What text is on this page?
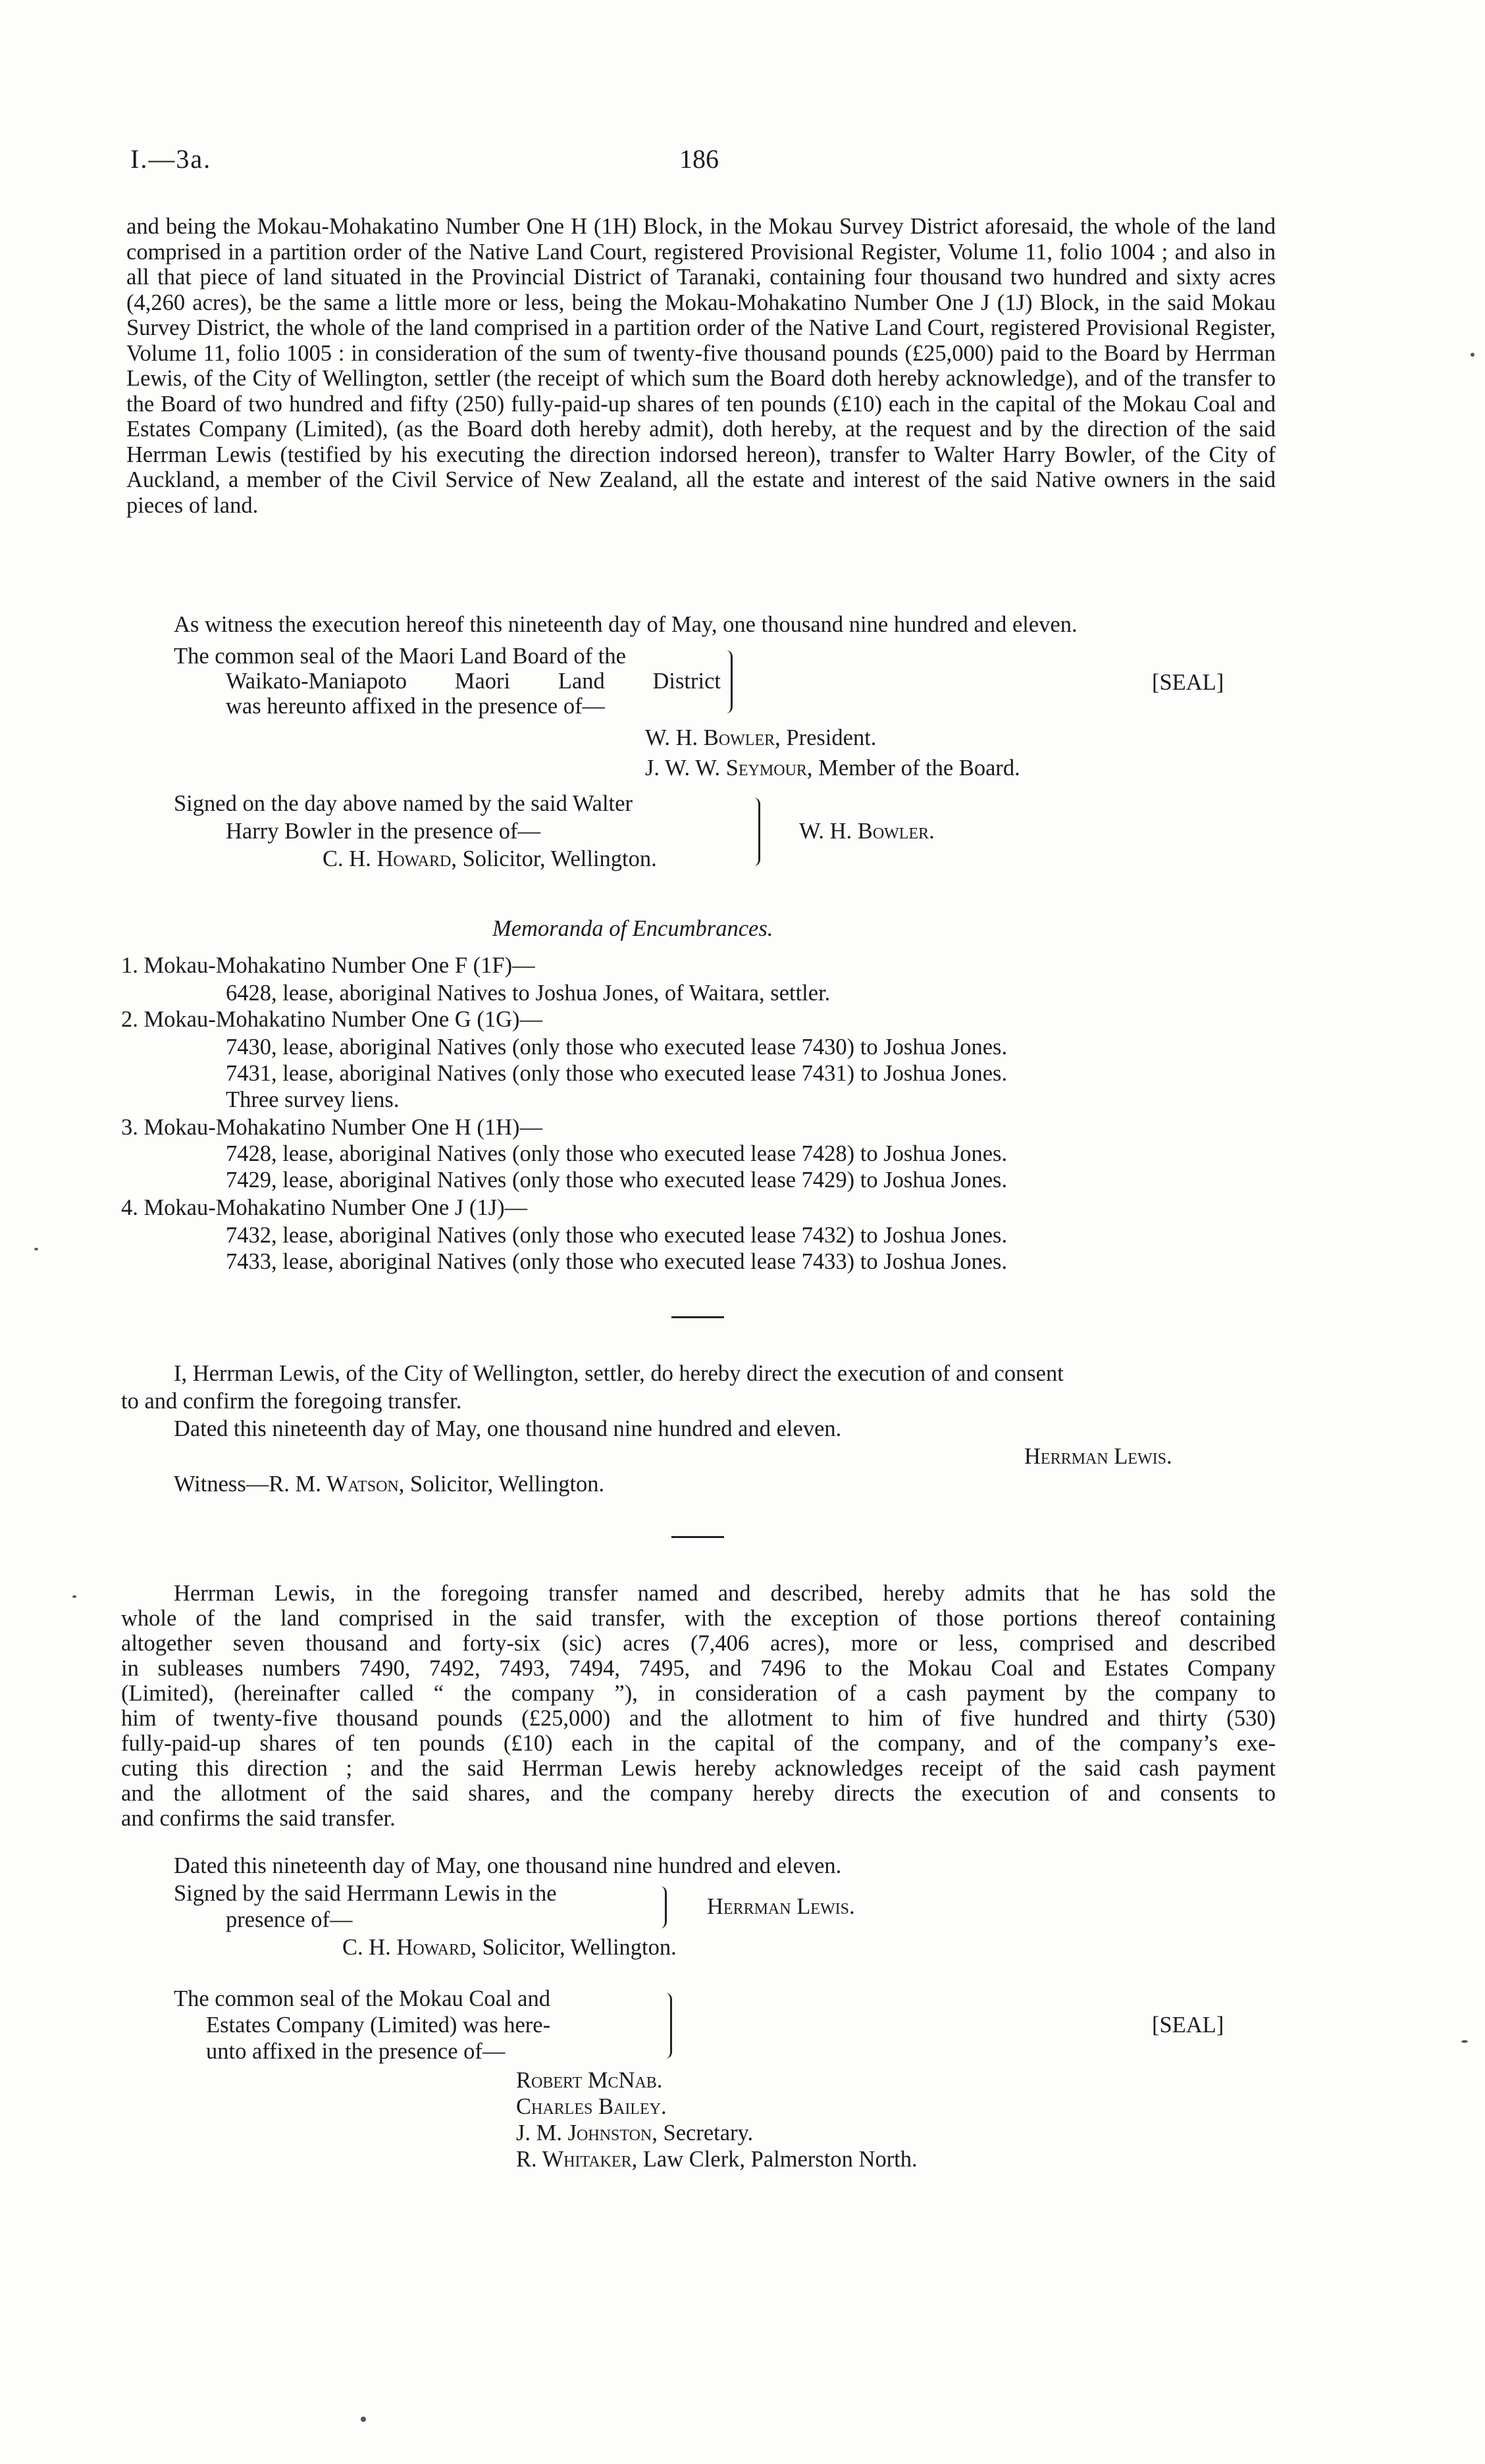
I.—3a.	186
and being the Mokau-Mohakatino Number One H (1H) Block, in the Mokau Survey District aforesaid, the whole of the land comprised in a partition order of the Native Land Court, registered Provisional Register, Volume 11, folio 1004 ; and also in all that piece of land situated in the Provincial District of Taranaki, containing four thousand two hundred and sixty acres (4,260 acres), be the same a little more or less, being the Mokau-Mohakatino Number One J (1J) Block, in the said Mokau Survey District, the whole of the land comprised in a partition order of the Native Land Court, registered Provisional Register, Volume 11, folio 1005 : in consideration of the sum of twenty-five thousand pounds (£25,000) paid to the Board by Herrman Lewis, of the City of Wellington, settler (the receipt of which sum the Board doth hereby acknowledge), and of the transfer to the Board of two hundred and fifty (250) fully-paid-up shares of ten pounds (£10) each in the capital of the Mokau Coal and Estates Company (Limited), (as the Board doth hereby admit), doth hereby, at the request and by the direction of the said Herrman Lewis (testified by his executing the direction indorsed hereon), transfer to Walter Harry Bowler, of the City of Auckland, a member of the Civil Service of New Zealand, all the estate and interest of the said Native owners in the said pieces of land.
As witness the execution hereof this nineteenth day of May, one thousand nine hundred and eleven.
The common seal of the Maori Land Board of the
Waikato-Maniapoto Maori Land District
was hereunto affixed in the presence of—
[SEAL]
W. H. Bowler, President.
J. W. W. Seymour, Member of the Board.
Signed on the day above named by the said Walter
Harry Bowler in the presence of—
C. H. Howard, Solicitor, Wellington.
W. H. Bowler.
Memoranda of Encumbrances.
1. Mokau-Mohakatino Number One F (1F)—
6428, lease, aboriginal Natives to Joshua Jones, of Waitara, settler.
2. Mokau-Mohakatino Number One G (1G)—
7430, lease, aboriginal Natives (only those who executed lease 7430) to Joshua Jones.
7431, lease, aboriginal Natives (only those who executed lease 7431) to Joshua Jones.
Three survey liens.
3. Mokau-Mohakatino Number One H (1H)—
7428, lease, aboriginal Natives (only those who executed lease 7428) to Joshua Jones.
7429, lease, aboriginal Natives (only those who executed lease 7429) to Joshua Jones.
4. Mokau-Mohakatino Number One J (1J)—
7432, lease, aboriginal Natives (only those who executed lease 7432) to Joshua Jones.
7433, lease, aboriginal Natives (only those who executed lease 7433) to Joshua Jones.
I, Herrman Lewis, of the City of Wellington, settler, do hereby direct the execution of and consent
to and confirm the foregoing transfer.
Dated this nineteenth day of May, one thousand nine hundred and eleven.
Herrman Lewis.
Witness—R. M. Watson, Solicitor, Wellington.
Herrman Lewis, in the foregoing transfer named and described, hereby admits that he has sold the
whole of the land comprised in the said transfer, with the exception of those portions thereof containing
altogether seven thousand and forty-six (sic) acres (7,406 acres), more or less, comprised and described
in subleases numbers 7490, 7492, 7493, 7494, 7495, and 7496 to the Mokau Coal and Estates Company
(Limited), (hereinafter called “ the company ”), in consideration of a cash payment by the company to
him of twenty-five thousand pounds (£25,000) and the allotment to him of five hundred and thirty (530)
fully-paid-up shares of ten pounds (£10) each in the capital of the company, and of the company’s exe-
cuting this direction ; and the said Herrman Lewis hereby acknowledges receipt of the said cash payment
and the allotment of the said shares, and the company hereby directs the execution of and consents to
and confirms the said transfer.
Dated this nineteenth day of May, one thousand nine hundred and eleven.
Signed by the said Herrmann Lewis in the
presence of—
Herrman Lewis.
C. H. Howard, Solicitor, Wellington.
The common seal of the Mokau Coal and
Estates Company (Limited) was here-
unto affixed in the presence of—
[SEAL]
Robert McNab.
Charles Bailey.
J. M. Johnston, Secretary.
R. Whitaker, Law Clerk, Palmerston North.
